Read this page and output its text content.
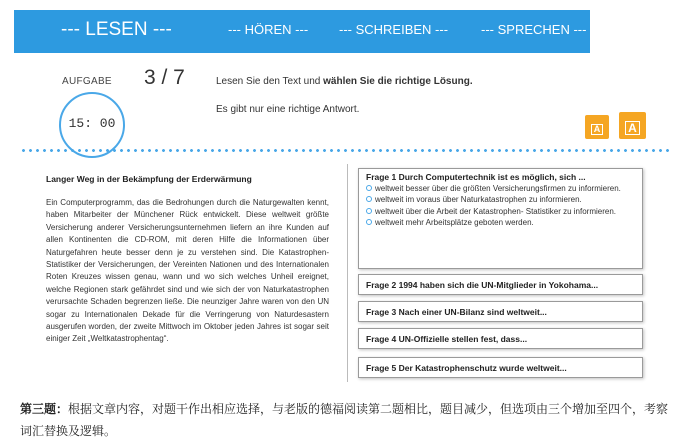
--- LESEN ---	--- HÖREN --- --- SCHREIBEN ---	--- SPRECHEN ---
AUFGABE 3 / 7
15: 00
Lesen Sie den Text und wählen Sie die richtige Lösung.
Es gibt nur eine richtige Antwort.
A A
Langer Weg in der Bekämpfung der Erderwärmung
Ein Computerprogramm, das die Bedrohungen durch die Naturgewalten kennt, haben Mitarbeiter der Münchener Rück entwickelt. Diese weltweit größte Versicherung anderer Versicherungsunternehmen liefern an ihre Kunden auf allen Kontinenten die CD-ROM, mit deren Hilfe die Informationen über Naturgefahren heute besser denn je zu verstehen sind. Die Katastrophen-Statistiker der Versicherungen, der Vereinten Nationen und des Internationalen Roten Kreuzes wissen genau, wann und wo sich welches Unheil ereignet, welche Regionen stark gefährdet sind und wie sich der von Naturkatastrophen verursachte Schaden begrenzen ließe. Die neunziger Jahre waren von den UN sogar zu Internationalen Dekade für die Verringerung von Naturdesastern ausgerufen worden, der zweite Mittwoch im Oktober jeden Jahres ist sogar seit einiger Zeit „Weltkatastrophentag“.
Frage 1 Durch Computertechnik ist es möglich, sich ...
weltweit besser über die größten Versicherungsfirmen zu informieren.
weltweit im voraus über Naturkatastrophen zu informieren.
weltweit über die Arbeit der Katastrophen- Statistiker zu informieren.
weltweit mehr Arbeitsplätze geboten werden.
Frage 2 1994 haben sich die UN-Mitglieder in Yokohama...
Frage 3 Nach einer UN-Bilanz sind weltweit...
Frage 4 UN-Offizielle stellen fest, dass...
Frage 5 Der Katastrophenschutz wurde weltweit...
第三题：根据文章内容，对题干作出相应选择，与老版的德福阅读第二题相比，题目减少，但选项由三个增加至四个，考察词汇替换及逻辑。
